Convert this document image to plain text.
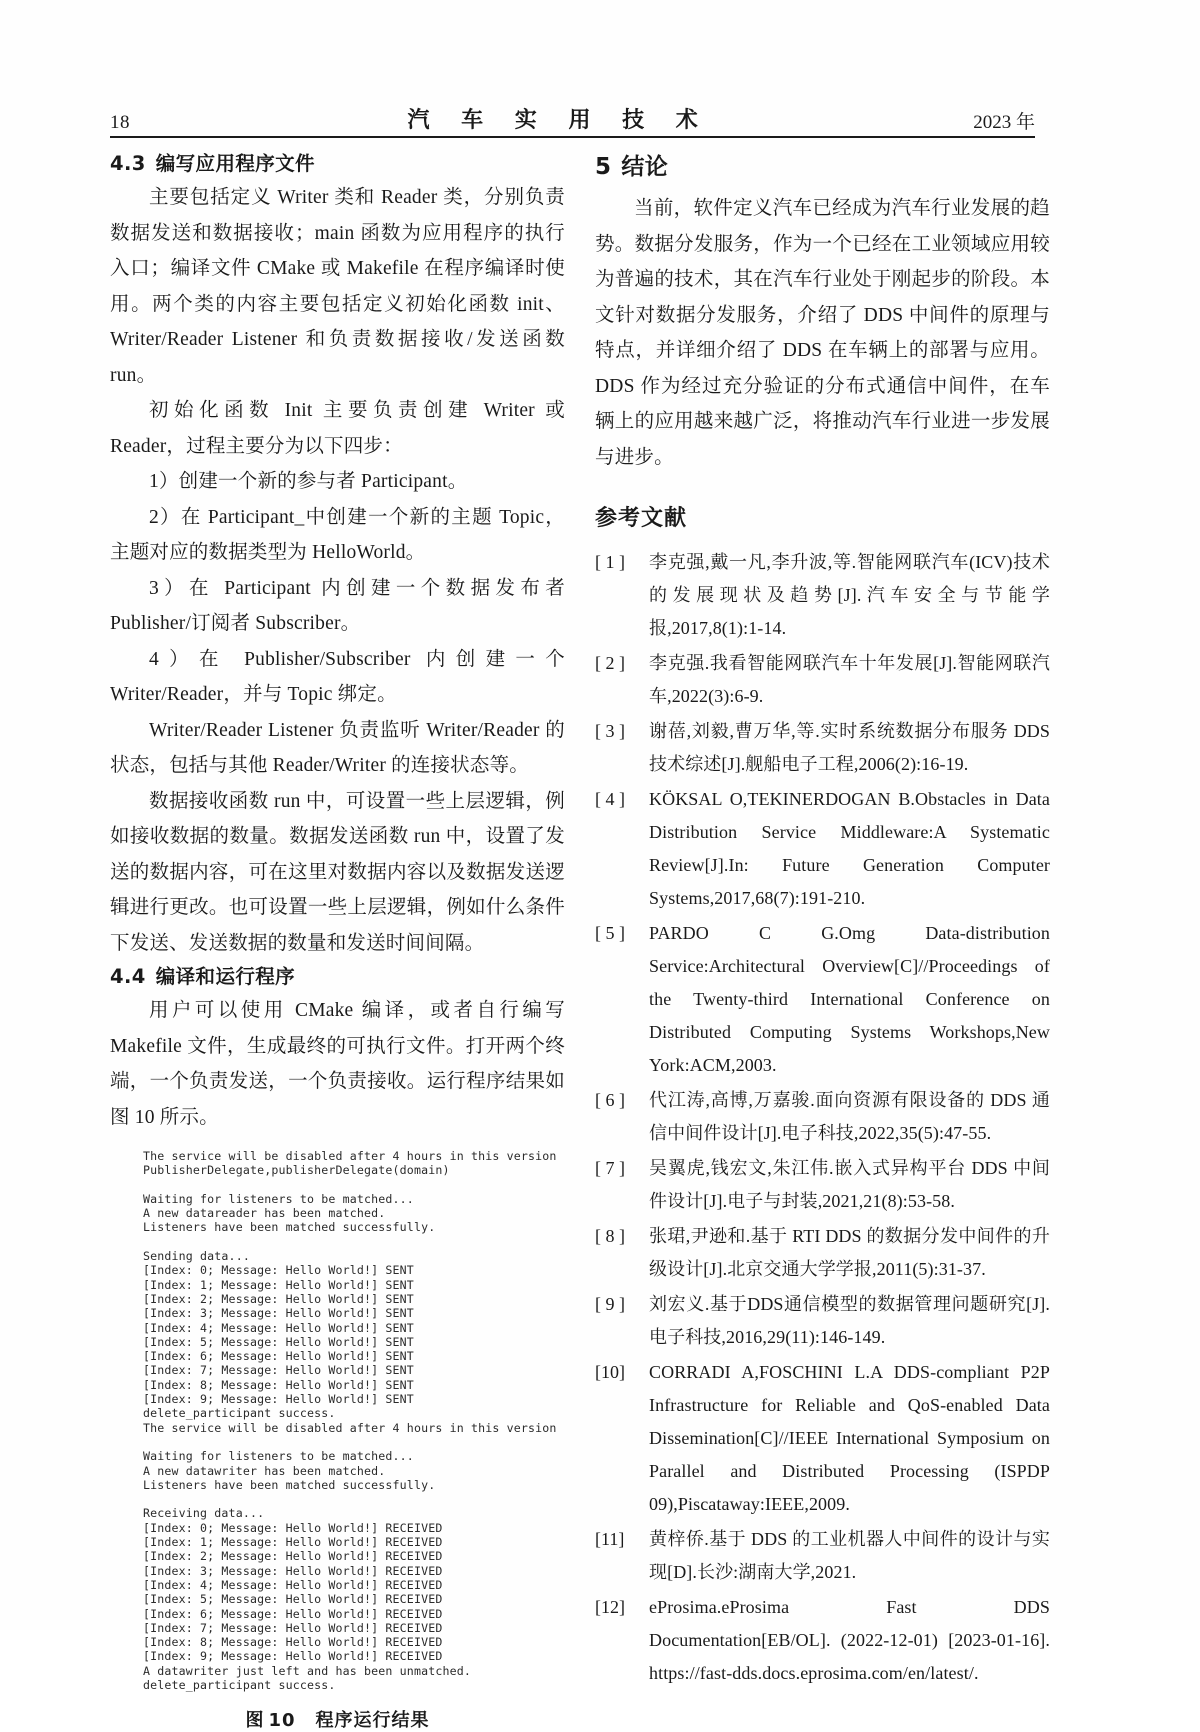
18	汽 车 实 用 技 术	2023 年
4.3 编写应用程序文件

主要包括定义 Writer 类和 Reader 类，分别负责数据发送和数据接收；main 函数为应用程序的执行入口；编译文件 CMake 或 Makefile 在程序编译时使用。两个类的内容主要包括定义初始化函数 init、Writer/Reader Listener 和负责数据接收/发送函数 run。

初始化函数 Init 主要负责创建 Writer 或 Reader，过程主要分为以下四步：

1）创建一个新的参与者 Participant。

2）在 Participant_中创建一个新的主题 Topic，主题对应的数据类型为 HelloWorld。

3）在 Participant 内创建一个数据发布者 Publisher/订阅者 Subscriber。

4）在 Publisher/Subscriber 内创建一个 Writer/Reader，并与 Topic 绑定。

Writer/Reader Listener 负责监听 Writer/Reader 的状态，包括与其他 Reader/Writer 的连接状态等。

数据接收函数 run 中，可设置一些上层逻辑，例如接收数据的数量。数据发送函数 run 中，设置了发送的数据内容，可在这里对数据内容以及数据发送逻辑进行更改。也可设置一些上层逻辑，例如什么条件下发送、发送数据的数量和发送时间间隔。

4.4 编译和运行程序

用户可以使用 CMake 编译，或者自行编写 Makefile 文件，生成最终的可执行文件。打开两个终端，一个负责发送，一个负责接收。运行程序结果如图 10 所示。

The service will be disabled after 4 hours in this version
PublisherDelegate,publisherDelegate(domain)

Waiting for listeners to be matched...
A new datareader has been matched.
Listeners have been matched successfully.

Sending data...
[Index: 0; Message: Hello World!] SENT
[Index: 1; Message: Hello World!] SENT
[Index: 2; Message: Hello World!] SENT
[Index: 3; Message: Hello World!] SENT
[Index: 4; Message: Hello World!] SENT
[Index: 5; Message: Hello World!] SENT
[Index: 6; Message: Hello World!] SENT
[Index: 7; Message: Hello World!] SENT
[Index: 8; Message: Hello World!] SENT
[Index: 9; Message: Hello World!] SENT
delete_participant success.
The service will be disabled after 4 hours in this version

Waiting for listeners to be matched...
A new datawriter has been matched.
Listeners have been matched successfully.

Receiving data...
[Index: 0; Message: Hello World!] RECEIVED
[Index: 1; Message: Hello World!] RECEIVED
[Index: 2; Message: Hello World!] RECEIVED
[Index: 3; Message: Hello World!] RECEIVED
[Index: 4; Message: Hello World!] RECEIVED
[Index: 5; Message: Hello World!] RECEIVED
[Index: 6; Message: Hello World!] RECEIVED
[Index: 7; Message: Hello World!] RECEIVED
[Index: 8; Message: Hello World!] RECEIVED
[Index: 9; Message: Hello World!] RECEIVED
A datawriter just left and has been unmatched.
delete_participant success.
图 10 程序运行结果
5 结论

当前，软件定义汽车已经成为汽车行业发展的趋势。数据分发服务，作为一个已经在工业领域应用较为普遍的技术，其在汽车行业处于刚起步的阶段。本文针对数据分发服务，介绍了 DDS 中间件的原理与特点，并详细介绍了 DDS 在车辆上的部署与应用。DDS 作为经过充分验证的分布式通信中间件，在车辆上的应用越来越广泛，将推动汽车行业进一步发展与进步。

参考文献
[ 1 ]	李克强,戴一凡,李升波,等.智能网联汽车(ICV)技术的发展现状及趋势[J].汽车安全与节能学报,2017,8(1):1-14.
[ 2 ]	李克强.我看智能网联汽车十年发展[J].智能网联汽车,2022(3):6-9.
[ 3 ]	谢蓓,刘毅,曹万华,等.实时系统数据分布服务 DDS 技术综述[J].舰船电子工程,2006(2):16-19.
[ 4 ]	KÖKSAL O,TEKINERDOGAN B.Obstacles in Data Distribution Service Middleware:A Systematic Review[J].In: Future Generation Computer Systems,2017,68(7):191-210.
[ 5 ]	PARDO C G.Omg Data-distribution Service:Architectural Overview[C]//Proceedings of the Twenty-third International Conference on Distributed Computing Systems Workshops,New York:ACM,2003.
[ 6 ]	代江涛,高博,万嘉骏.面向资源有限设备的 DDS 通信中间件设计[J].电子科技,2022,35(5):47-55.
[ 7 ]	吴翼虎,钱宏文,朱江伟.嵌入式异构平台 DDS 中间件设计[J].电子与封装,2021,21(8):53-58.
[ 8 ]	张珺,尹逊和.基于 RTI DDS 的数据分发中间件的升级设计[J].北京交通大学学报,2011(5):31-37.
[ 9 ]	刘宏义.基于DDS通信模型的数据管理问题研究[J].电子科技,2016,29(11):146-149.
[10]	CORRADI A,FOSCHINI L.A DDS-compliant P2P Infrastructure for Reliable and QoS-enabled Data Dissemination[C]//IEEE International Symposium on Parallel and Distributed Processing (ISPDP 09),Piscataway:IEEE,2009.
[11]	黄梓侨.基于 DDS 的工业机器人中间件的设计与实现[D].长沙:湖南大学,2021.
[12]	eProsima.eProsima Fast DDS Documentation[EB/OL]. (2022-12-01) [2023-01-16]. https://fast-dds.docs.eprosima.com/en/latest/.
